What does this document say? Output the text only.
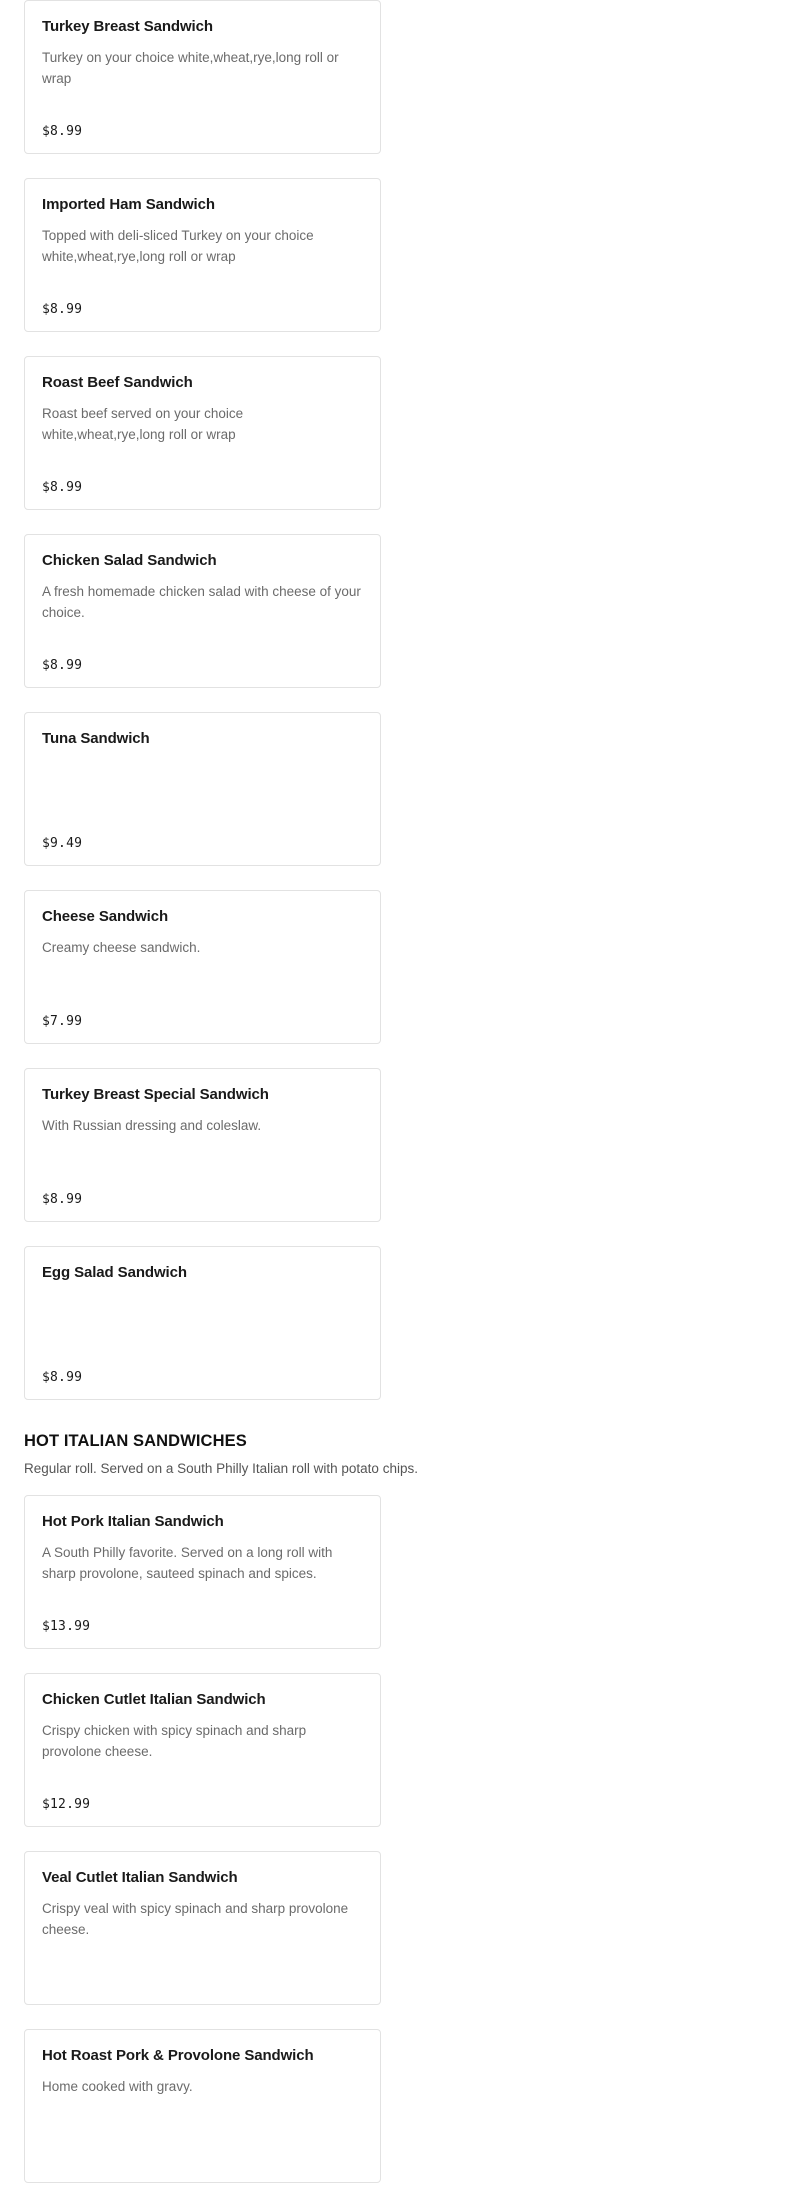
Turkey Breast Sandwich
Turkey on your choice white,wheat,rye,long roll or wrap
$8.99
Imported Ham Sandwich
Topped with deli-sliced Turkey on your choice white,wheat,rye,long roll or wrap
$8.99
Roast Beef Sandwich
Roast beef served on your choice white,wheat,rye,long roll or wrap
$8.99
Chicken Salad Sandwich
A fresh homemade chicken salad with cheese of your choice.
$8.99
Tuna Sandwich
$9.49
Cheese Sandwich
Creamy cheese sandwich.
$7.99
Turkey Breast Special Sandwich
With Russian dressing and coleslaw.
$8.99
Egg Salad Sandwich
$8.99
HOT ITALIAN SANDWICHES
Regular roll. Served on a South Philly Italian roll with potato chips.
Hot Pork Italian Sandwich
A South Philly favorite. Served on a long roll with sharp provolone, sauteed spinach and spices.
$13.99
Chicken Cutlet Italian Sandwich
Crispy chicken with spicy spinach and sharp provolone cheese.
$12.99
Veal Cutlet Italian Sandwich
Crispy veal with spicy spinach and sharp provolone cheese.
Hot Roast Pork & Provolone Sandwich
Home cooked with gravy.
